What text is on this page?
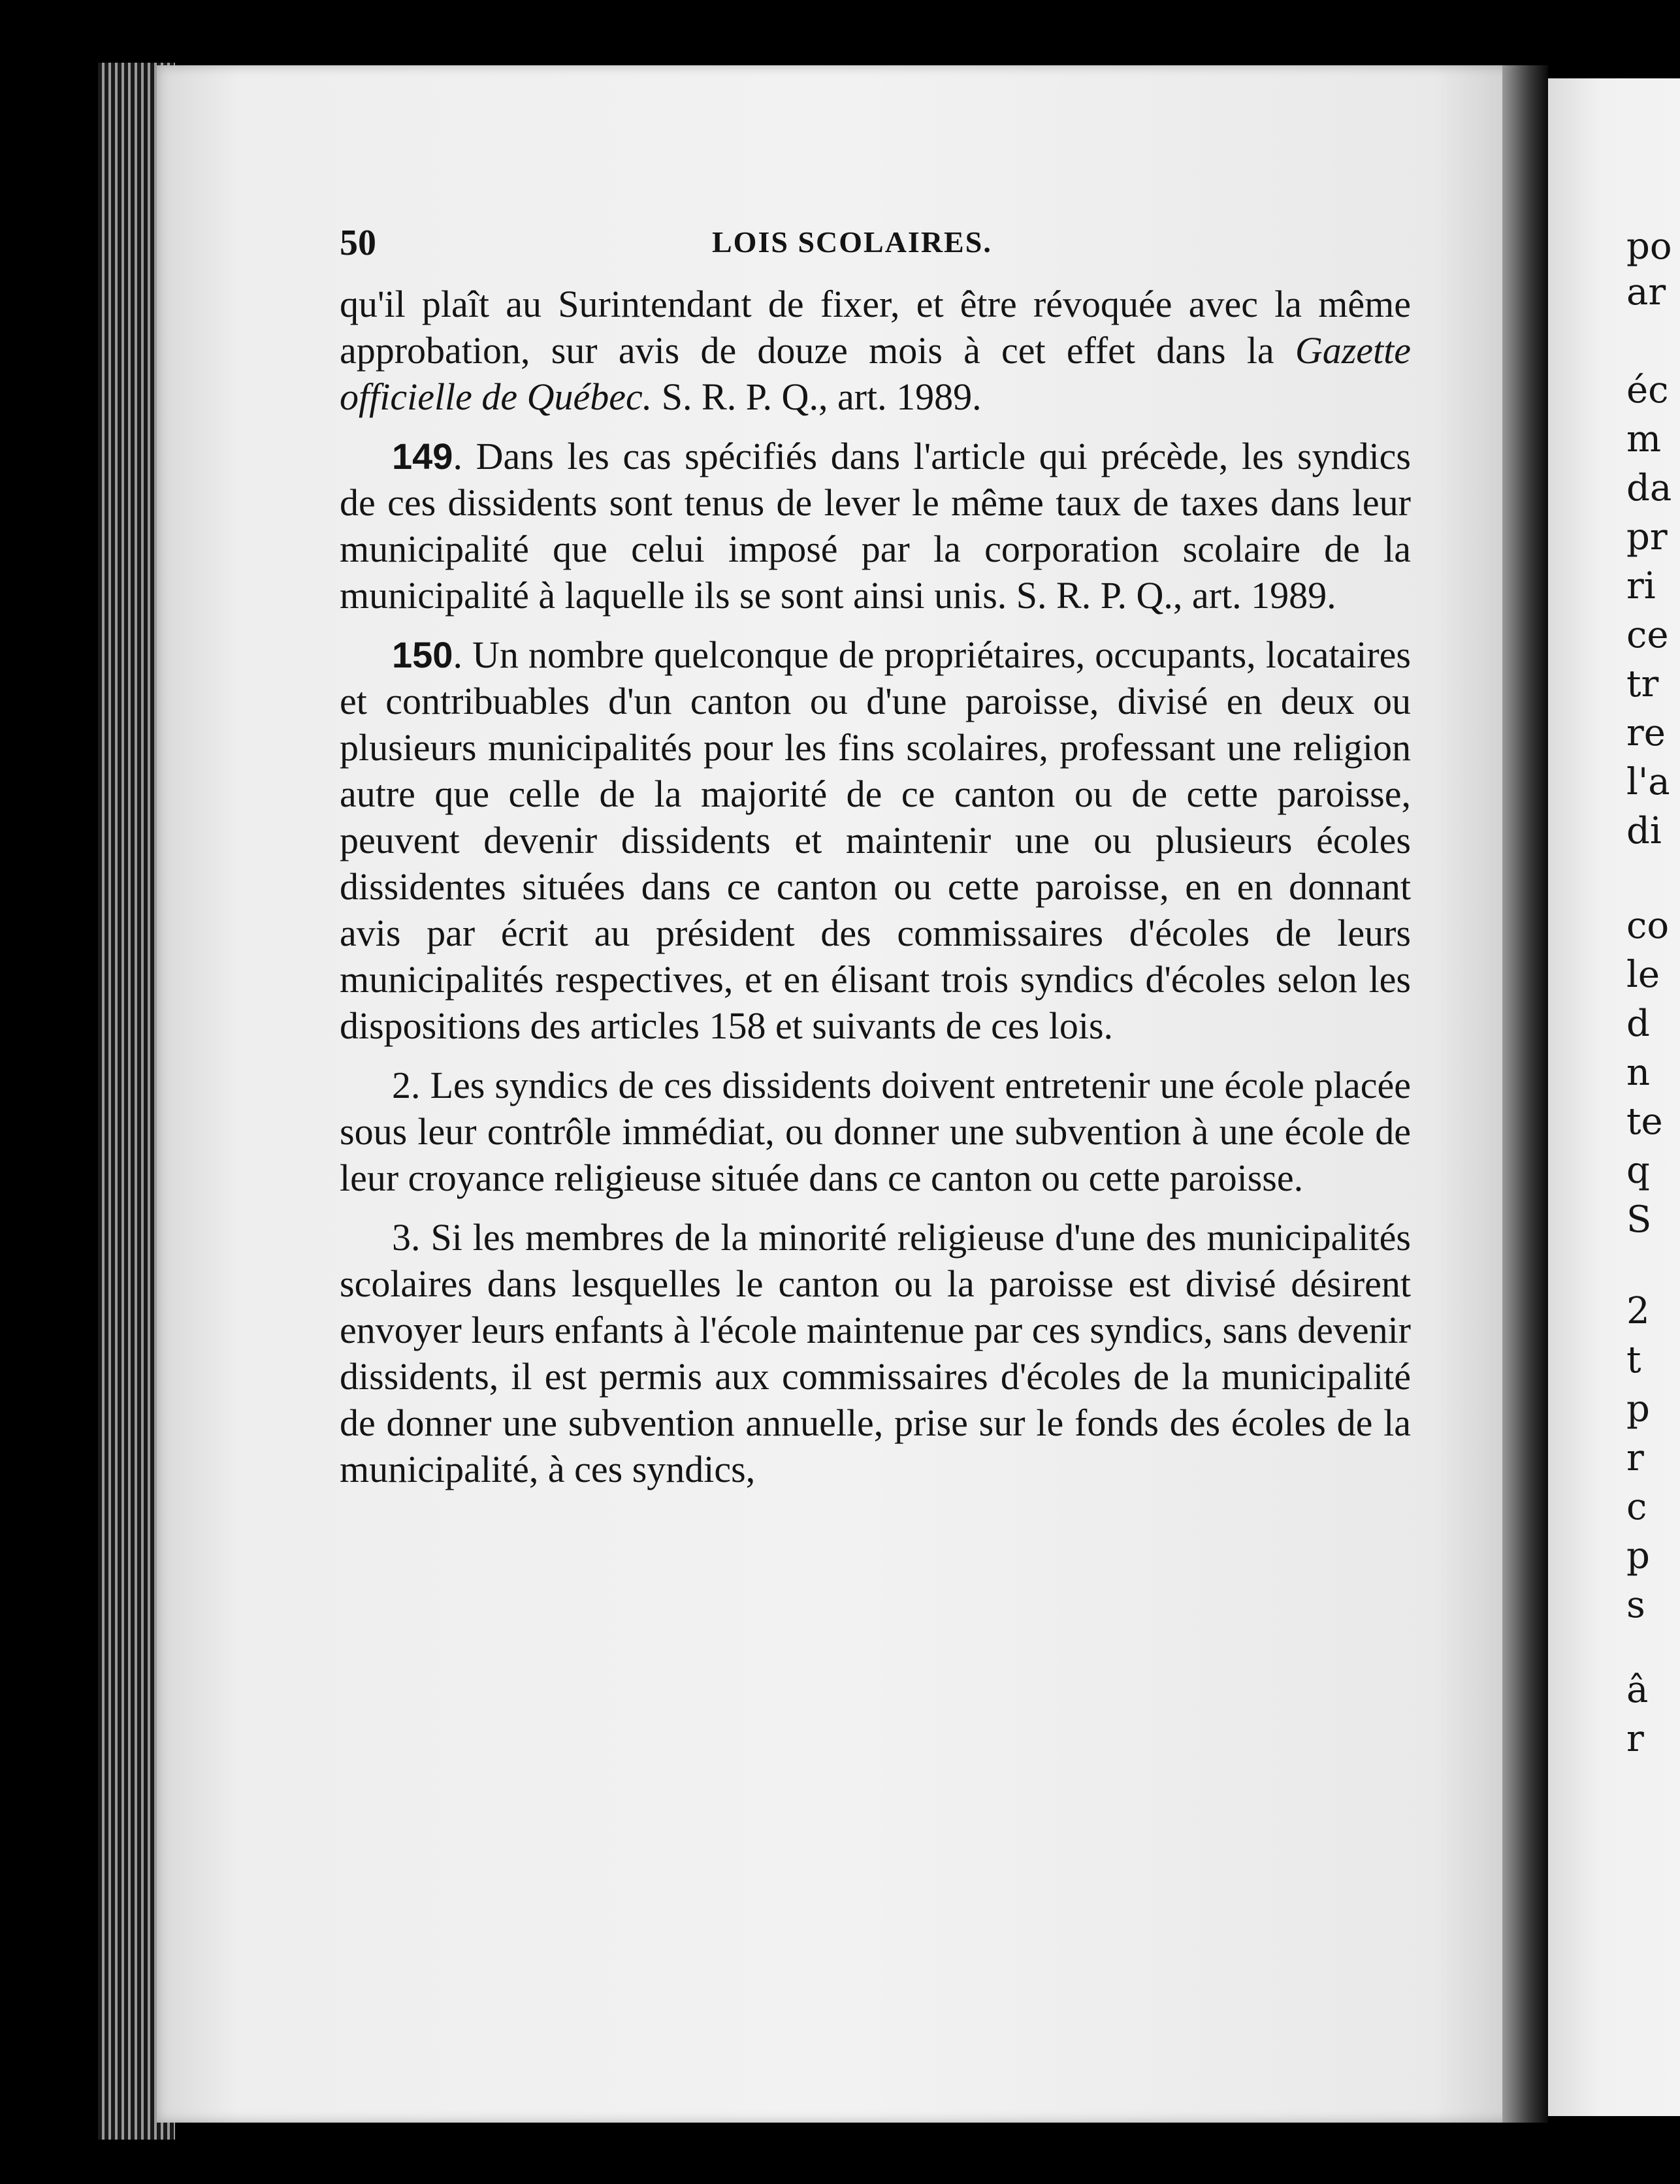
po
ar
éc
m
da
pr
ri
ce
tr
re
l'a
di
co
le
d
n
te
q
S
2
t
p
r
c
p
s
â
r
50	LOIS SCOLAIRES.

qu'il plaît au Surintendant de fixer, et être révoquée avec la même approbation, sur avis de douze mois à cet effet dans la Gazette officielle de Québec. S. R. P. Q., art. 1989.

149. Dans les cas spécifiés dans l'article qui précède, les syndics de ces dissidents sont tenus de lever le même taux de taxes dans leur municipalité que celui imposé par la corporation scolaire de la municipalité à laquelle ils se sont ainsi unis. S. R. P. Q., art. 1989.

150. Un nombre quelconque de propriétaires, occupants, locataires et contribuables d'un canton ou d'une paroisse, divisé en deux ou plusieurs municipalités pour les fins scolaires, professant une religion autre que celle de la majorité de ce canton ou de cette paroisse, peuvent devenir dissidents et maintenir une ou plusieurs écoles dissidentes situées dans ce canton ou cette paroisse, en en donnant avis par écrit au président des commissaires d'écoles de leurs municipalités respectives, et en élisant trois syndics d'écoles selon les dispositions des articles 158 et suivants de ces lois.

2. Les syndics de ces dissidents doivent entretenir une école placée sous leur contrôle immédiat, ou donner une subvention à une école de leur croyance religieuse située dans ce canton ou cette paroisse.

3. Si les membres de la minorité religieuse d'une des municipalités scolaires dans lesquelles le canton ou la paroisse est divisé désirent envoyer leurs enfants à l'école maintenue par ces syndics, sans devenir dissidents, il est permis aux commissaires d'écoles de la municipalité de donner une subvention annuelle, prise sur le fonds des écoles de la municipalité, à ces syndics,
